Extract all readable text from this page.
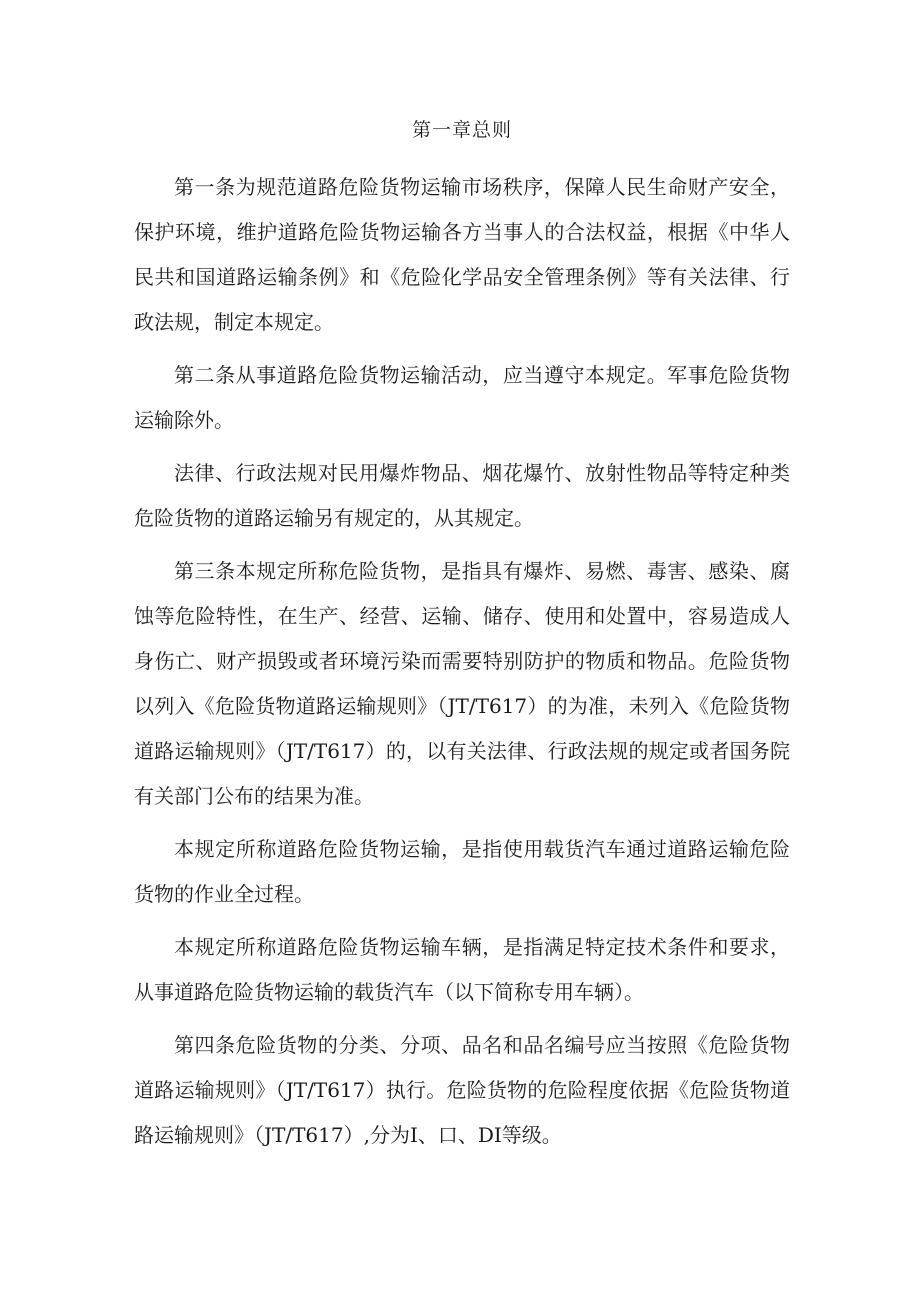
第一章总则

第一条为规范道路危险货物运输市场秩序，保障人民生命财产安全，保护环境，维护道路危险货物运输各方当事人的合法权益，根据《中华人民共和国道路运输条例》和《危险化学品安全管理条例》等有关法律、行政法规，制定本规定。

第二条从事道路危险货物运输活动，应当遵守本规定。军事危险货物运输除外。

法律、行政法规对民用爆炸物品、烟花爆竹、放射性物品等特定种类危险货物的道路运输另有规定的，从其规定。

第三条本规定所称危险货物，是指具有爆炸、易燃、毒害、感染、腐蚀等危险特性，在生产、经营、运输、储存、使用和处置中，容易造成人身伤亡、财产损毁或者环境污染而需要特别防护的物质和物品。危险货物以列入《危险货物道路运输规则》（JT/T617）的为准，未列入《危险货物道路运输规则》（JT/T617）的，以有关法律、行政法规的规定或者国务院有关部门公布的结果为准。

本规定所称道路危险货物运输，是指使用载货汽车通过道路运输危险货物的作业全过程。

本规定所称道路危险货物运输车辆，是指满足特定技术条件和要求，从事道路危险货物运输的载货汽车（以下简称专用车辆）。

第四条危险货物的分类、分项、品名和品名编号应当按照《危险货物道路运输规则》（JT/T617）执行。危险货物的危险程度依据《危险货物道路运输规则》（JT/T617）,分为I、口、DI等级。
